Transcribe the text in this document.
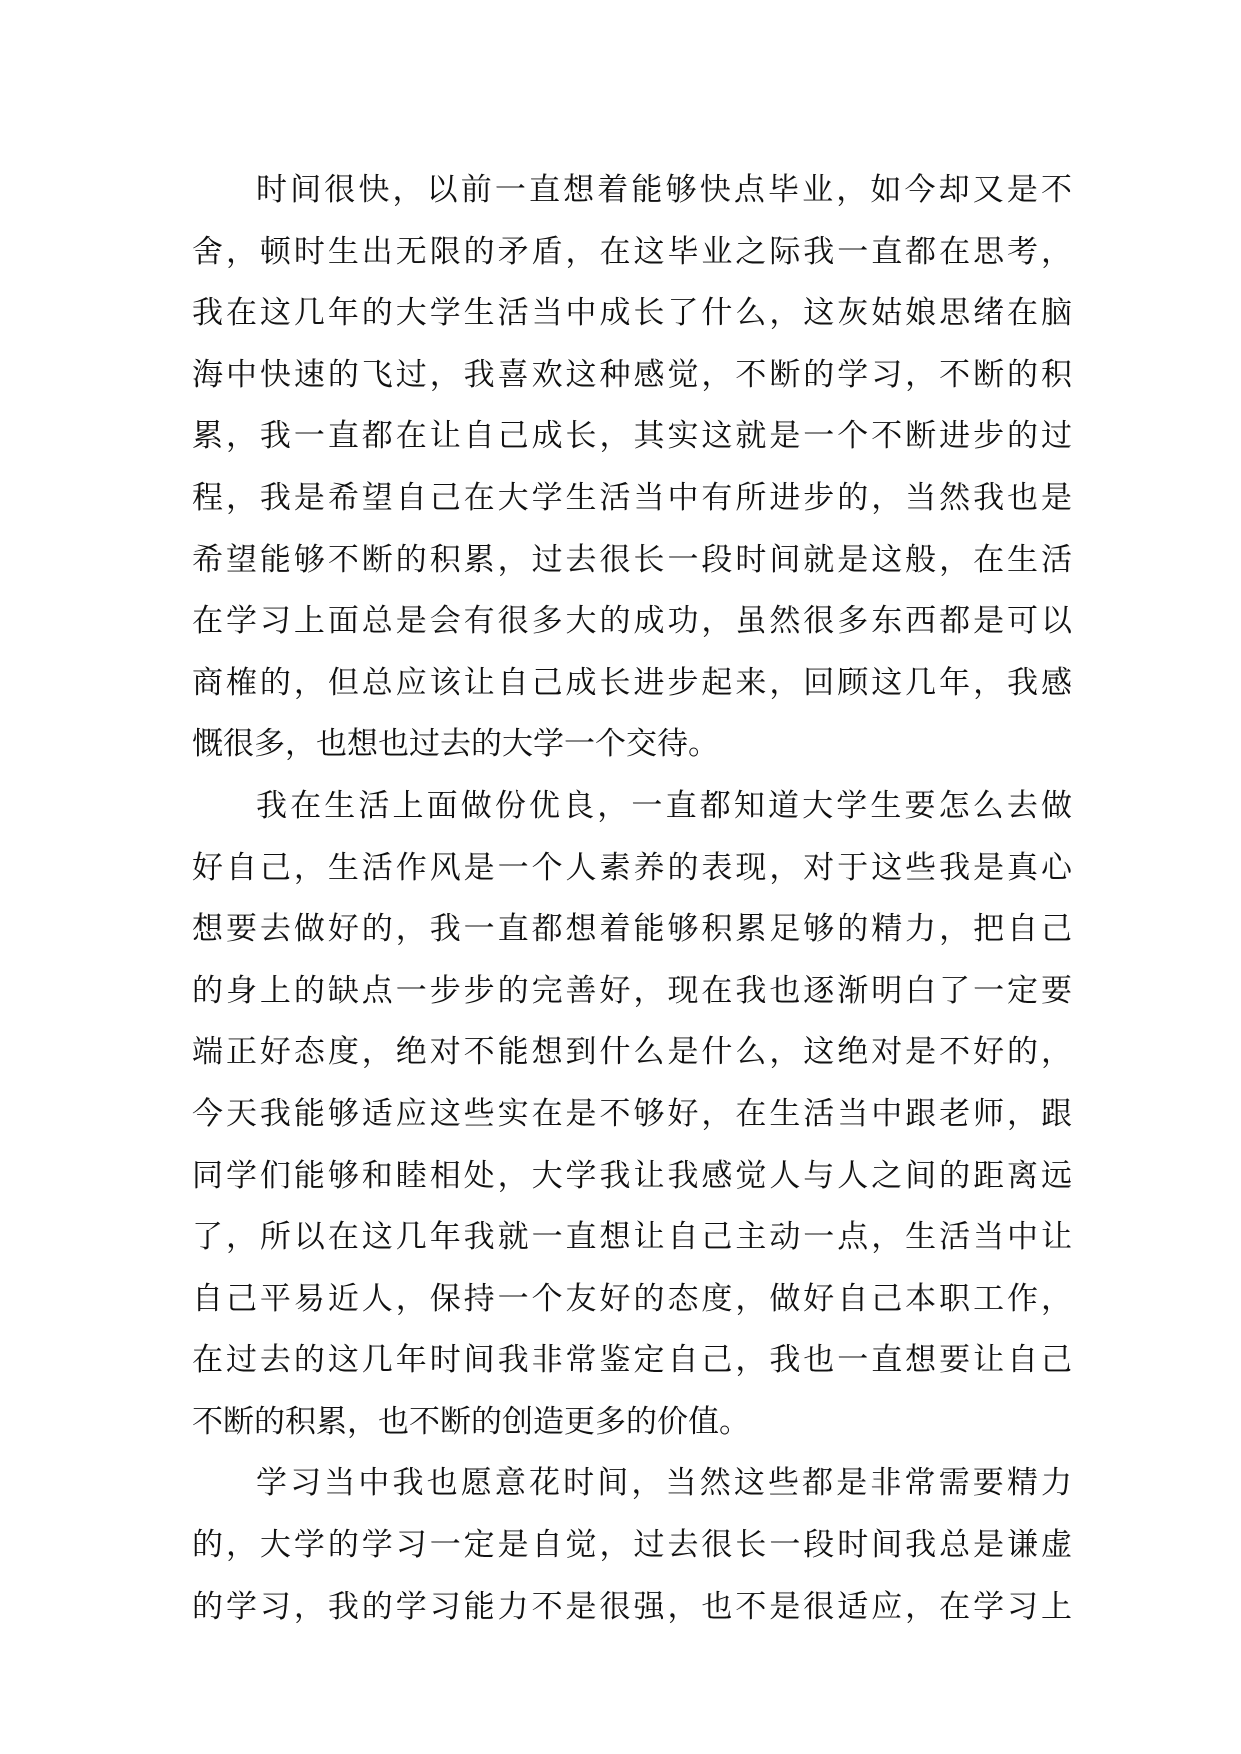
时间很快，以前一直想着能够快点毕业，如今却又是不
舍，顿时生出无限的矛盾，在这毕业之际我一直都在思考，
我在这几年的大学生活当中成长了什么，这灰姑娘思绪在脑
海中快速的飞过，我喜欢这种感觉，不断的学习，不断的积
累，我一直都在让自己成长，其实这就是一个不断进步的过
程，我是希望自己在大学生活当中有所进步的，当然我也是
希望能够不断的积累，过去很长一段时间就是这般，在生活
在学习上面总是会有很多大的成功，虽然很多东西都是可以
商榷的，但总应该让自己成长进步起来，回顾这几年，我感
慨很多，也想也过去的大学一个交待。
我在生活上面做份优良，一直都知道大学生要怎么去做
好自己，生活作风是一个人素养的表现，对于这些我是真心
想要去做好的，我一直都想着能够积累足够的精力，把自己
的身上的缺点一步步的完善好，现在我也逐渐明白了一定要
端正好态度，绝对不能想到什么是什么，这绝对是不好的，
今天我能够适应这些实在是不够好，在生活当中跟老师，跟
同学们能够和睦相处，大学我让我感觉人与人之间的距离远
了，所以在这几年我就一直想让自己主动一点，生活当中让
自己平易近人，保持一个友好的态度，做好自己本职工作，
在过去的这几年时间我非常鉴定自己，我也一直想要让自己
不断的积累，也不断的创造更多的价值。
学习当中我也愿意花时间，当然这些都是非常需要精力
的，大学的学习一定是自觉，过去很长一段时间我总是谦虚
的学习，我的学习能力不是很强，也不是很适应，在学习上
